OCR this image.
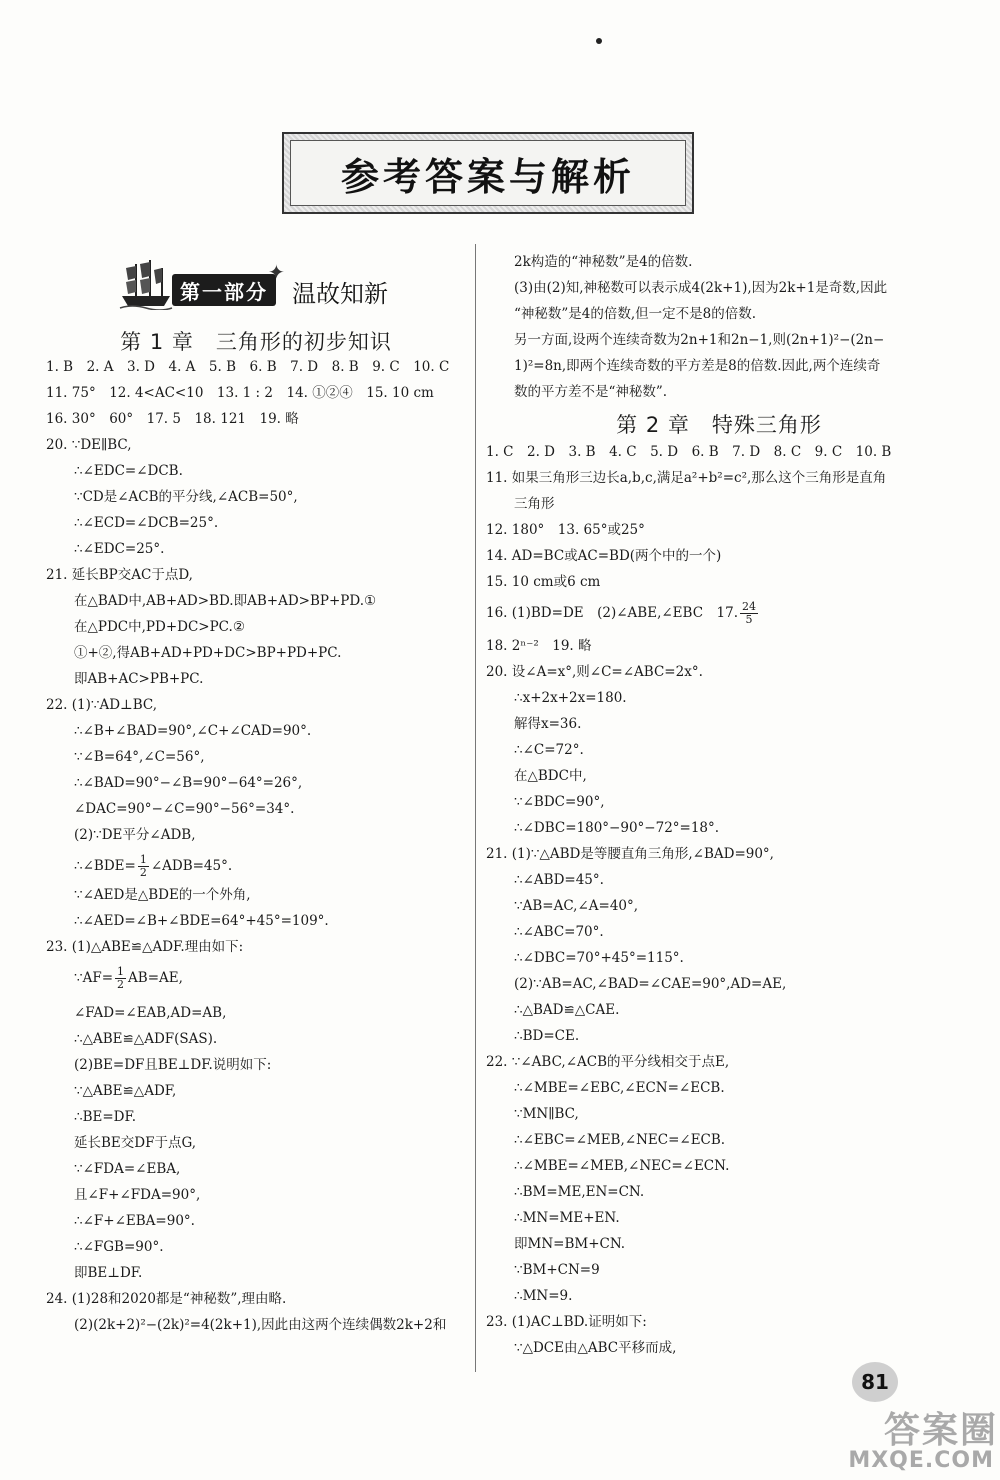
参考答案与解析
第一部分
✦
温故知新
第 1 章　三角形的初步知识
1. B　2. A　3. D　4. A　5. B　6. B　7. D　8. B　9. C　10. C
11. 75°　12. 4<AC<10　13. 1 : 2　14. ①②④　15. 10 cm
16. 30°　60°　17. 5　18. 121　19. 略
20. ∵DE∥BC,
∴∠EDC=∠DCB.
∵CD是∠ACB的平分线,∠ACB=50°,
∴∠ECD=∠DCB=25°.
∴∠EDC=25°.
21. 延长BP交AC于点D,
在△BAD中,AB+AD>BD.即AB+AD>BP+PD.①
在△PDC中,PD+DC>PC.②
①+②,得AB+AD+PD+DC>BP+PD+PC.
即AB+AC>PB+PC.
22. (1)∵AD⊥BC,
∴∠B+∠BAD=90°,∠C+∠CAD=90°.
∵∠B=64°,∠C=56°,
∴∠BAD=90°−∠B=90°−64°=26°,
∠DAC=90°−∠C=90°−56°=34°.
(2)∵DE平分∠ADB,
∴∠BDE= $\frac{1}{2}$ ∠ADB=45°.
∵∠AED是△BDE的一个外角,
∴∠AED=∠B+∠BDE=64°+45°=109°.
23. (1)△ABE≌△ADF.理由如下:
∵AF= $\frac{1}{2} AB=AE$,
∠FAD=∠EAB,AD=AB,
∴△ABE≌△ADF(SAS).
(2)BE=DF且BE⊥DF.说明如下:
∵△ABE≌△ADF,
∴BE=DF.
延长BE交DF于点G,
∵∠FDA=∠EBA,
且∠F+∠FDA=90°,
∴∠F+∠EBA=90°.
∴∠FGB=90°.
即BE⊥DF.
24. (1)28和2020都是“神秘数”,理由略.
(2)(2k+2)²−(2k)²=4(2k+1),因此由这两个连续偶数2k+2和
2k构造的“神秘数”是4的倍数.
(3)由(2)知,神秘数可以表示成4(2k+1),因为2k+1是奇数,因此
“神秘数”是4的倍数,但一定不是8的倍数.
另一方面,设两个连续奇数为2n+1和2n−1,则(2n+1)²−(2n−
1)²=8n,即两个连续奇数的平方差是8的倍数.因此,两个连续奇
数的平方差不是“神秘数”.
第 2 章　特殊三角形
1. C　2. D　3. B　4. C　5. D　6. B　7. D　8. C　9. C　10. B
11. 如果三角形三边长a,b,c,满足a²+b²=c²,那么这个三角形是直角
三角形
12. 180°　13. 65°或25°
14. AD=BC或AC=BD(两个中的一个)
15. 10 cm或6 cm
16. (1)BD=DE　(2)∠ABE,∠EBC　17. $\frac{24}{5}$
18. 2ⁿ⁻²　19. 略
20. 设∠A=x°,则∠C=∠ABC=2x°.
∴x+2x+2x=180.
解得x=36.
∴∠C=72°.
在△BDC中,
∵∠BDC=90°,
∴∠DBC=180°−90°−72°=18°.
21. (1)∵△ABD是等腰直角三角形,∠BAD=90°,
∴∠ABD=45°.
∵AB=AC,∠A=40°,
∴∠ABC=70°.
∴∠DBC=70°+45°=115°.
(2)∵AB=AC,∠BAD=∠CAE=90°,AD=AE,
∴△BAD≌△CAE.
∴BD=CE.
22. ∵∠ABC,∠ACB的平分线相交于点E,
∴∠MBE=∠EBC,∠ECN=∠ECB.
∵MN∥BC,
∴∠EBC=∠MEB,∠NEC=∠ECB.
∴∠MBE=∠MEB,∠NEC=∠ECN.
∴BM=ME,EN=CN.
∴MN=ME+EN.
即MN=BM+CN.
∵BM+CN=9
∴MN=9.
23. (1)AC⊥BD.证明如下:
∵△DCE由△ABC平移而成,
81
答案圈
MXQE.COM
